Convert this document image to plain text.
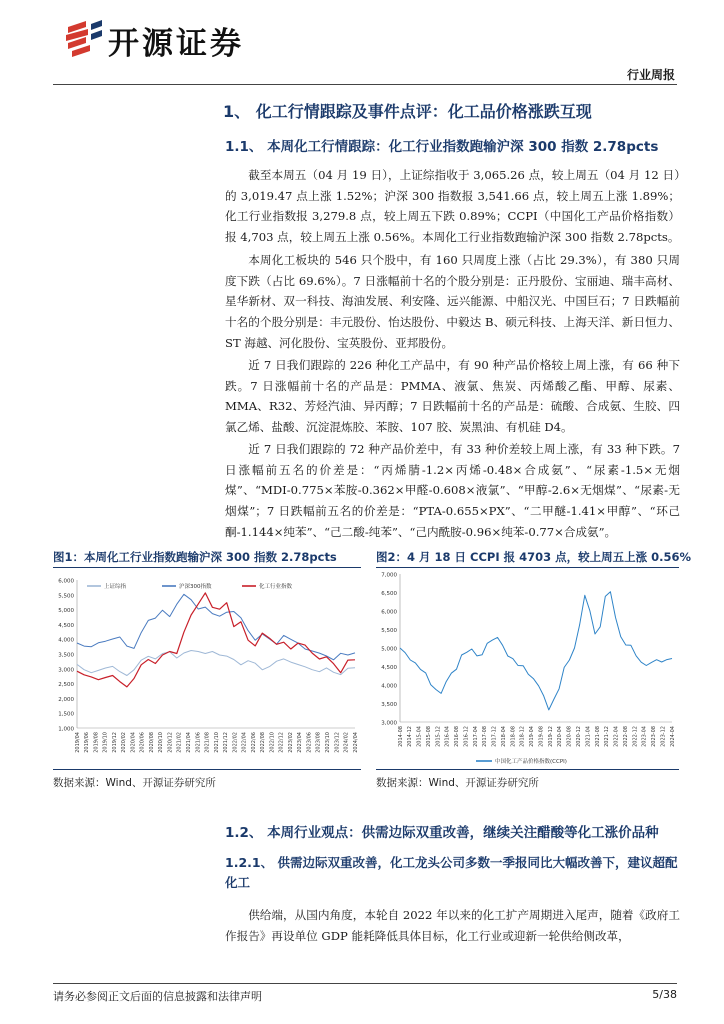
开源证券
行业周报
1、 化工行情跟踪及事件点评：化工品价格涨跌互现
1.1、 本周化工行情跟踪：化工行业指数跑输沪深 300 指数 2.78pcts

截至本周五（04 月 19 日），上证综指收于 3,065.26 点，较上周五（04 月 12 日）的 3,019.47 点上涨 1.52%；沪深 300 指数报 3,541.66 点，较上周五上涨 1.89%；化工行业指数报 3,279.8 点，较上周五下跌 0.89%；CCPI（中国化工产品价格指数）报 4,703 点，较上周五上涨 0.56%。本周化工行业指数跑输沪深 300 指数 2.78pcts。

本周化工板块的 546 只个股中，有 160 只周度上涨（占比 29.3%），有 380 只周度下跌（占比 69.6%）。7 日涨幅前十名的个股分别是：正丹股份、宝丽迪、瑞丰高材、星华新材、双一科技、海油发展、利安隆、远兴能源、中船汉光、中国巨石；7 日跌幅前十名的个股分别是：丰元股份、怡达股份、中毅达 B、硕元科技、上海天洋、新日恒力、ST 海越、河化股份、宝英股份、亚邦股份。

近 7 日我们跟踪的 226 种化工产品中，有 90 种产品价格较上周上涨，有 66 种下跌。7 日涨幅前十名的产品是：PMMA、液氯、焦炭、丙烯酸乙酯、甲醇、尿素、MMA、R32、芳烃汽油、异丙醇；7 日跌幅前十名的产品是：硫酸、合成氨、生胶、四氯乙烯、盐酸、沉淀混炼胶、苯胺、107 胶、炭黑油、有机硅 D4。

近 7 日我们跟踪的 72 种产品价差中，有 33 种价差较上周上涨，有 33 种下跌。7 日涨幅前五名的价差是：“丙烯腈-1.2×丙烯-0.48×合成氨”、“尿素-1.5×无烟煤”、“MDI-0.775×苯胺-0.362×甲醛-0.608×液氯”、“甲醇-2.6×无烟煤”、“尿素-无烟煤”；7 日跌幅前五名的价差是：“PTA-0.655×PX”、“二甲醚-1.41×甲醇”、“环己酮-1.144×纯苯”、“己二酸-纯苯”、“己内酰胺-0.96×纯苯-0.77×合成氨”。

图1：本周化工行业指数跑输沪深 300 指数 2.78pcts	图2：4 月 18 日 CCPI 报 4703 点，较上周五上涨 0.56%
6,000
5,500
5,000
4,500
4,000
3,500
3,000
2,500
2,000
1,500
1,000
2019/04 2019/06 2019/08 2019/10 2019/12 2020/02 2020/04 2020/06 2020/08 2020/10 2020/12 2021/02 2021/04 2021/06 2021/08 2021/10 2021/12 2022/02 2022/04 2022/06 2022/08 2022/10 2022/12 2023/02 2023/04 2023/06 2023/08 2023/10 2023/12 2024/02 2024/04
上证综指	沪深300指数	化工行业指数
7,000
6,500
6,000
5,500
5,000
4,500
4,000
3,500
3,000
2014-08 2014-12 2015-04 2015-08 2015-12 2016-04 2016-08 2016-12 2017-04 2017-08 2017-12 2018-04 2018-08 2018-12 2019-04 2019-08 2019-12 2020-04 2020-08 2020-12 2021-04 2021-08 2021-12 2022-04 2022-08 2022-12 2023-04 2023-08 2023-12 2024-04
中国化工产品价格指数(CCPI)
数据来源：Wind、开源证券研究所	数据来源：Wind、开源证券研究所
1.2、 本周行业观点：供需边际双重改善，继续关注醋酸等化工涨价品种
1.2.1、 供需边际双重改善，化工龙头公司多数一季报同比大幅改善下，建议超配化工

供给端，从国内角度，本轮自 2022 年以来的化工扩产周期进入尾声，随着《政府工作报告》再设单位 GDP 能耗降低具体目标，化工行业或迎新一轮供给侧改革，

请务必参阅正文后面的信息披露和法律声明	5/38
